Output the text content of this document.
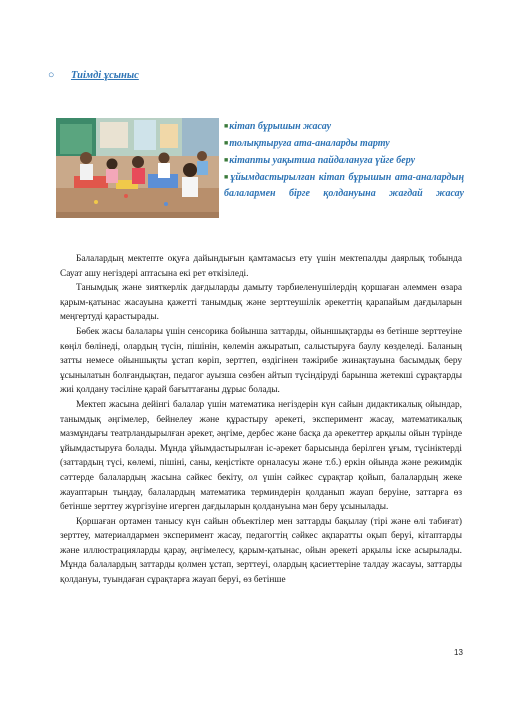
○ Тиімді ұсыныс

■кітап бұрышын жасау

■толықтыруға ата-аналарды тарту

■кітапты уақытша пайдалануға үйге беру

■ұйымдастырылған кітап бұрышын ата-аналардың балалармен бірге қолдануына жағдай жасау

Балалардың мектепте оқуға дайындығын қамтамасыз ету үшін мектепалды даярлық тобында Сауат ашу негіздері аптасына екі рет өткізіледі.

Танымдық және зияткерлік дағдыларды дамыту тәрбиеленушілердің қоршаған әлеммен өзара қарым-қатынас жасауына қажетті танымдық және зерттеушілік әрекеттің қарапайым дағдыларын меңгертуді қарастырады.

Бөбек жасы балалары үшін сенсорика бойынша заттарды, ойыншықтарды өз бетінше зерттеуіне көңіл бөлінеді, олардың түсін, пішінін, көлемін ажыратып, салыстыруға баулу көзделеді. Баланың затты немесе ойыншықты ұстап көріп, зерттеп, өздігінен тәжірибе жинақтауына басымдық беру ұсынылатын болғандықтан, педагог ауызша сөзбен айтып түсіндіруді барынша жетекші сұрақтарды жиі қолдану тәсіліне қарай бағыттағаны дұрыс болады.

Мектеп жасына дейінгі балалар үшін математика негіздерін күн сайын дидактикалық ойындар, танымдық әңгімелер, бейнелеу және құрастыру әрекеті, эксперимент жасау, математикалық мазмұндағы театрландырылған әрекет, әңгіме, дербес және басқа да әрекеттер арқылы ойын түрінде ұйымдастыруға болады. Мұнда ұйымдастырылған іс-әрекет барысында берілген ұғым, түсініктерді (заттардың түсі, көлемі, пішіні, саны, кеңістікте орналасуы және т.б.) еркін ойында және режимдік сәттерде балалардың жасына сәйкес бекіту, ол үшін сәйкес сұрақтар қойып, балалардың жеке жауаптарын тыңдау, балалардың математика терминдерін қолданып жауап беруіне, заттарға өз бетінше зерттеу жүргізуіне игерген дағдыларын қолдануына мән беру ұсынылады.

Қоршаған ортамен танысу күн сайын объектілер мен заттарды бақылау (тірі және өлі табиғат) зерттеу, материалдармен эксперимент жасау, педагогтің сәйкес ақпаратты оқып беруі, кітаптарды және иллюстрацияларды қарау, әңгімелесу, қарым-қатынас, ойын әрекеті арқылы іске асырылады. Мұнда балалардың заттарды қолмен ұстап, зерттеуі, олардың қасиеттеріне талдау жасауы, заттарды қолдануы, туындаған сұрақтарға жауап беруі, өз бетінше

13
